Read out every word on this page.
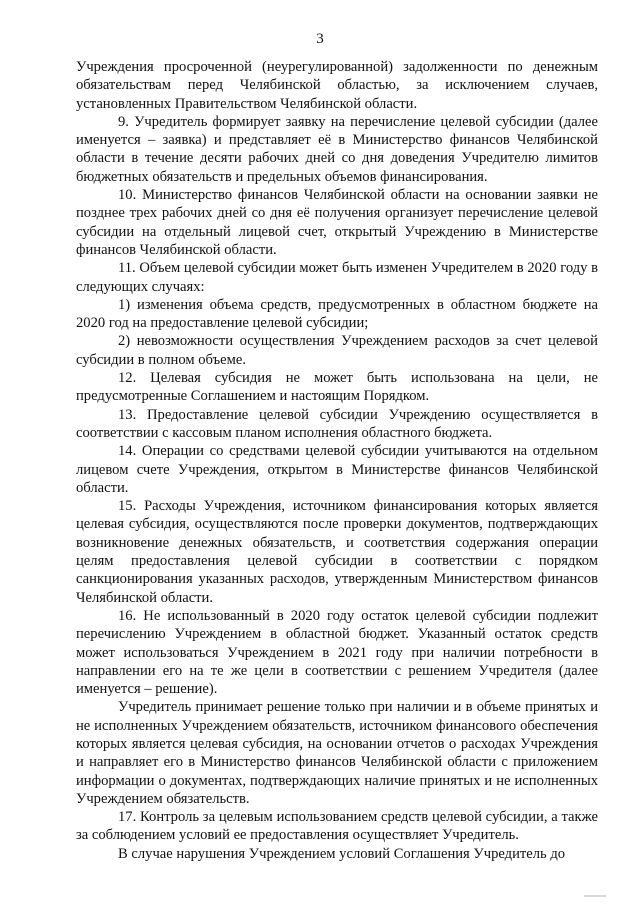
3

Учреждения просроченной (неурегулированной) задолженности по денежным обязательствам перед Челябинской областью, за исключением случаев, установленных Правительством Челябинской области.

9. Учредитель формирует заявку на перечисление целевой субсидии (далее именуется – заявка) и представляет её в Министерство финансов Челябинской области в течение десяти рабочих дней со дня доведения Учредителю лимитов бюджетных обязательств и предельных объемов финансирования.

10. Министерство финансов Челябинской области на основании заявки не позднее трех рабочих дней со дня её получения организует перечисление целевой субсидии на отдельный лицевой счет, открытый Учреждению в Министерстве финансов Челябинской области.

11. Объем целевой субсидии может быть изменен Учредителем в 2020 году в следующих случаях:

1) изменения объема средств, предусмотренных в областном бюджете на 2020 год на предоставление целевой субсидии;

2) невозможности осуществления Учреждением расходов за счет целевой субсидии в полном объеме.

12. Целевая субсидия не может быть использована на цели, не предусмотренные Соглашением и настоящим Порядком.

13. Предоставление целевой субсидии Учреждению осуществляется в соответствии с кассовым планом исполнения областного бюджета.

14. Операции со средствами целевой субсидии учитываются на отдельном лицевом счете Учреждения, открытом в Министерстве финансов Челябинской области.

15. Расходы Учреждения, источником финансирования которых является целевая субсидия, осуществляются после проверки документов, подтверждающих возникновение денежных обязательств, и соответствия содержания операции целям предоставления целевой субсидии в соответствии с порядком санкционирования указанных расходов, утвержденным Министерством финансов Челябинской области.

16. Не использованный в 2020 году остаток целевой субсидии подлежит перечислению Учреждением в областной бюджет. Указанный остаток средств может использоваться Учреждением в 2021 году при наличии потребности в направлении его на те же цели в соответствии с решением Учредителя (далее именуется – решение).

Учредитель принимает решение только при наличии и в объеме принятых и не исполненных Учреждением обязательств, источником финансового обеспечения которых является целевая субсидия, на основании отчетов о расходах Учреждения и направляет его в Министерство финансов Челябинской области с приложением информации о документах, подтверждающих наличие принятых и не исполненных Учреждением обязательств.

17. Контроль за целевым использованием средств целевой субсидии, а также за соблюдением условий ее предоставления осуществляет Учредитель.

В случае нарушения Учреждением условий Соглашения Учредитель до
